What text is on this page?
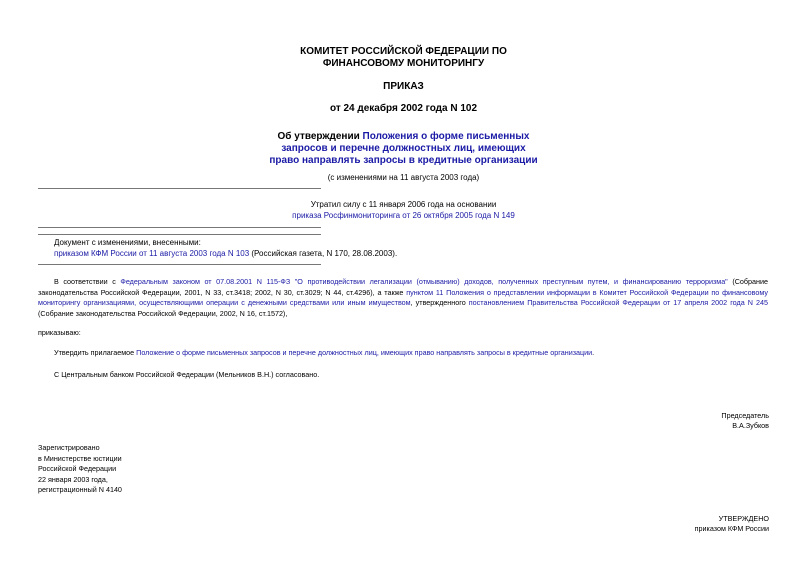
КОМИТЕТ РОССИЙСКОЙ ФЕДЕРАЦИИ ПО
ФИНАНСОВОМУ МОНИТОРИНГУ
ПРИКАЗ
от 24 декабря 2002 года N 102
Об утверждении Положения о форме письменных
запросов и перечне должностных лиц, имеющих
право направлять запросы в кредитные организации
(с изменениями на 11 августа 2003 года)
Утратил силу с 11 января 2006 года на основании
приказа Росфинмониторинга от 26 октября 2005 года N 149
Документ с изменениями, внесенными:
приказом КФМ России от 11 августа 2003 года N 103 (Российская газета, N 170, 28.08.2003).
В соответствии с Федеральным законом от 07.08.2001 N 115-ФЗ "О противодействии легализации (отмыванию) доходов, полученных преступным путем, и финансированию терроризма" (Собрание законодательства Российской Федерации, 2001, N 33, ст.3418; 2002, N 30, ст.3029; N 44, ст.4296), а также пунктом 11 Положения о представлении информации в Комитет Российской Федерации по финансовому мониторингу организациями, осуществляющими операции с денежными средствами или иным имуществом, утвержденного постановлением Правительства Российской Федерации от 17 апреля 2002 года N 245 (Собрание законодательства Российской Федерации, 2002, N 16, ст.1572),
приказываю:
Утвердить прилагаемое Положение о форме письменных запросов и перечне должностных лиц, имеющих право направлять запросы в кредитные организации.
С Центральным банком Российской Федерации (Мельников В.Н.) согласовано.
Председатель
В.А.Зубков
Зарегистрировано
в Министерстве юстиции
Российской Федерации
22 января 2003 года,
регистрационный N 4140
УТВЕРЖДЕНО
приказом КФМ России
